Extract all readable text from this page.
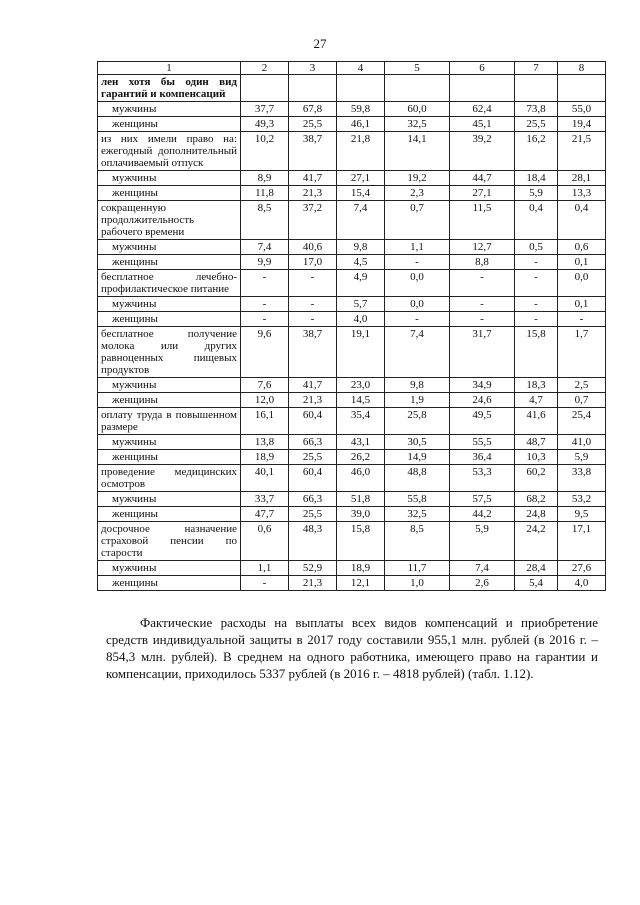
27
1	2	3	4	5	6	7	8
лен хотя бы один вид гарантий и компенсаций							
мужчины	37,7	67,8	59,8	60,0	62,4	73,8	55,0
женщины	49,3	25,5	46,1	32,5	45,1	25,5	19,4
из них имели право на: ежегодный дополнительный оплачиваемый отпуск	10,2	38,7	21,8	14,1	39,2	16,2	21,5
мужчины	8,9	41,7	27,1	19,2	44,7	18,4	28,1
женщины	11,8	21,3	15,4	2,3	27,1	5,9	13,3
сокращенную продолжительность рабочего времени	8,5	37,2	7,4	0,7	11,5	0,4	0,4
мужчины	7,4	40,6	9,8	1,1	12,7	0,5	0,6
женщины	9,9	17,0	4,5	-	8,8	-	0,1
бесплатное лечебно-профилактическое питание	-	-	4,9	0,0	-	-	0,0
мужчины	-	-	5,7	0,0	-	-	0,1
женщины	-	-	4,0	-	-	-	-
бесплатное получение молока или других равноценных пищевых продуктов	9,6	38,7	19,1	7,4	31,7	15,8	1,7
мужчины	7,6	41,7	23,0	9,8	34,9	18,3	2,5
женщины	12,0	21,3	14,5	1,9	24,6	4,7	0,7
оплату труда в повышенном размере	16,1	60,4	35,4	25,8	49,5	41,6	25,4
мужчины	13,8	66,3	43,1	30,5	55,5	48,7	41,0
женщины	18,9	25,5	26,2	14,9	36,4	10,3	5,9
проведение медицинских осмотров	40,1	60,4	46,0	48,8	53,3	60,2	33,8
мужчины	33,7	66,3	51,8	55,8	57,5	68,2	53,2
женщины	47,7	25,5	39,0	32,5	44,2	24,8	9,5
досрочное назначение страховой пенсии по старости	0,6	48,3	15,8	8,5	5,9	24,2	17,1
мужчины	1,1	52,9	18,9	11,7	7,4	28,4	27,6
женщины	-	21,3	12,1	1,0	2,6	5,4	4,0

Фактические расходы на выплаты всех видов компенсаций и приобретение средств индивидуальной защиты в 2017 году составили 955,1 млн. рублей (в 2016 г. – 854,3 млн. рублей). В среднем на одного работника, имеющего право на гарантии и компенсации, приходилось 5337 рублей (в 2016 г. – 4818 рублей) (табл. 1.12).
